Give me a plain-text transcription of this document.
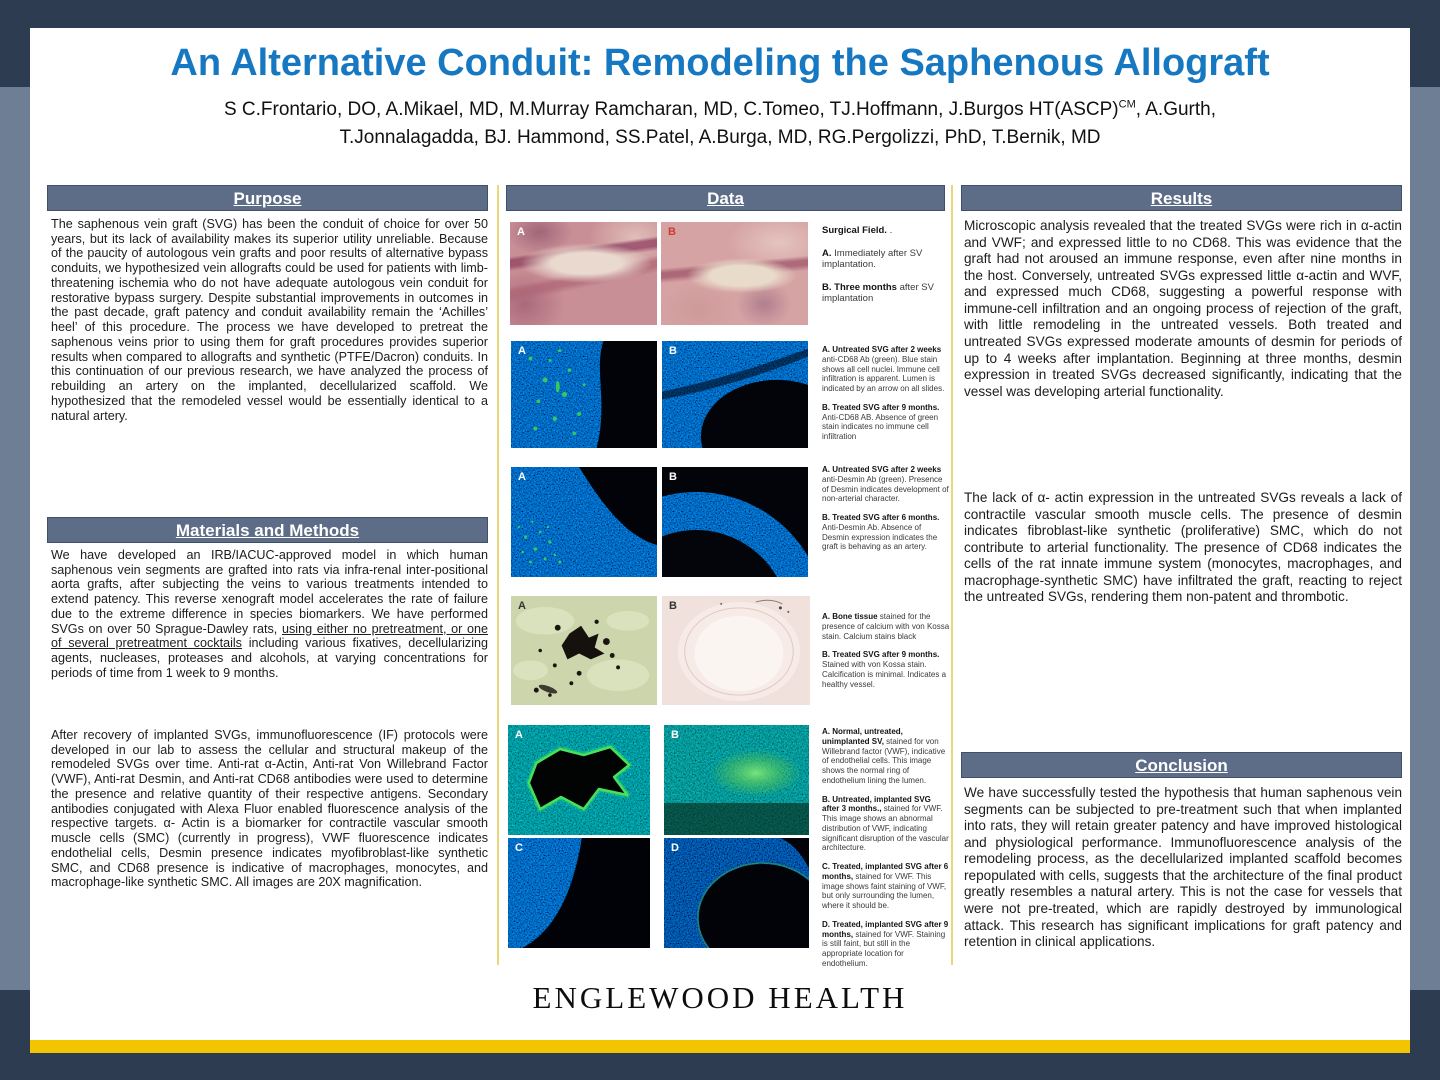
An Alternative Conduit: Remodeling the Saphenous Allograft

S C.Frontario, DO, A.Mikael, MD, M.Murray Ramcharan, MD, C.Tomeo, TJ.Hoffmann, J.Burgos HT(ASCP)$^{CM}$, A.Gurth,
T.Jonnalagadda, BJ. Hammond, SS.Patel, A.Burga, MD, RG.Pergolizzi, PhD, T.Bernik, MD

Purpose

The saphenous vein graft (SVG) has been the conduit of choice for over 50 years, but its lack of availability makes its superior utility unreliable. Because of the paucity of autologous vein grafts and poor results of alternative bypass conduits, we hypothesized vein allografts could be used for patients with limb-threatening ischemia who do not have adequate autologous vein conduit for restorative bypass surgery. Despite substantial improvements in outcomes in the past decade, graft patency and conduit availability remain the ‘Achilles’ heel’ of this procedure. The process we have developed to pretreat the saphenous veins prior to using them for graft procedures provides superior results when compared to allografts and synthetic (PTFE/Dacron) conduits. In this continuation of our previous research, we have analyzed the process of rebuilding an artery on the implanted, decellularized scaffold. We hypothesized that the remodeled vessel would be essentially identical to a natural artery.

Materials and Methods

We have developed an IRB/IACUC-approved model in which human saphenous vein segments are grafted into rats via infra-renal inter-positional aorta grafts, after subjecting the veins to various treatments intended to extend patency. This reverse xenograft model accelerates the rate of failure due to the extreme difference in species biomarkers. We have performed SVGs on over 50 Sprague-Dawley rats, using either no pretreatment, or one of several pretreatment cocktails including various fixatives, decellularizing agents, nucleases, proteases and alcohols, at varying concentrations for periods of time from 1 week to 9 months.

After recovery of implanted SVGs, immunofluorescence (IF) protocols were developed in our lab to assess the cellular and structural makeup of the remodeled SVGs over time. Anti-rat α-Actin, Anti-rat Von Willebrand Factor (VWF), Anti-rat Desmin, and Anti-rat CD68 antibodies were used to determine the presence and relative quantity of their respective antigens. Secondary antibodies conjugated with Alexa Fluor enabled fluorescence analysis of the respective targets. α- Actin is a biomarker for contractile vascular smooth muscle cells (SMC) (currently in progress), VWF fluorescence indicates endothelial cells, Desmin presence indicates myofibroblast-like synthetic SMC, and CD68 presence is indicative of macrophages, monocytes, and macrophage-like synthetic SMC. All images are 20X magnification.

Data
A	B	Surgical Field. .

A. Immediately after SV implantation.

B. Three months after SV implantation

A	B	A. Untreated SVG after 2 weeks anti-CD68 Ab (green). Blue stain shows all cell nuclei. Immune cell infiltration is apparent. Lumen is indicated by an arrow on all slides.

B. Treated SVG after 9 months. Anti-CD68 AB. Absence of green stain indicates no immune cell infiltration

A	B

A. Untreated SVG after 2 weeks anti-Desmin Ab (green). Presence of Desmin indicates development of non-arterial character.

B. Treated SVG after 6 months. Anti-Desmin Ab. Absence of Desmin expression indicates the graft is behaving as an artery.

A	B

A. Bone tissue stained for the presence of calcium with von Kossa stain. Calcium stains black

B. Treated SVG after 9 months. Stained with von Kossa stain. Calcification is minimal. Indicates a healthy vessel.

A	B
C	D

A. Normal, untreated, unimplanted SV, stained for von Willebrand factor (VWF), indicative of endothelial cells. This image shows the normal ring of endothelium lining the lumen.

B. Untreated, implanted SVG after 3 months., stained for VWF. This image shows an abnormal distribution of VWF, indicating significant disruption of the vascular architecture.

C. Treated, implanted SVG after 6 months, stained for VWF. This image shows faint staining of VWF, but only surrounding the lumen, where it should be.

D. Treated, implanted SVG after 9 months, stained for VWF. Staining is still faint, but still in the appropriate location for endothelium.

Results

Microscopic analysis revealed that the treated SVGs were rich in α-actin and VWF; and expressed little to no CD68. This was evidence that the graft had not aroused an immune response, even after nine months in the host. Conversely, untreated SVGs expressed little α-actin and WVF, and expressed much CD68, suggesting a powerful response with immune-cell infiltration and an ongoing process of rejection of the graft, with little remodeling in the untreated vessels. Both treated and untreated SVGs expressed moderate amounts of desmin for periods of up to 4 weeks after implantation. Beginning at three months, desmin expression in treated SVGs decreased significantly, indicating that the vessel was developing arterial functionality.

The lack of α- actin expression in the untreated SVGs reveals a lack of contractile vascular smooth muscle cells. The presence of desmin indicates fibroblast-like synthetic (proliferative) SMC, which do not contribute to arterial functionality. The presence of CD68 indicates the cells of the rat innate immune system (monocytes, macrophages, and macrophage-synthetic SMC) have infiltrated the graft, reacting to reject the untreated SVGs, rendering them non-patent and thrombotic.

Conclusion

We have successfully tested the hypothesis that human saphenous vein segments can be subjected to pre-treatment such that when implanted into rats, they will retain greater patency and have improved histological and physiological performance. Immunofluorescence analysis of the remodeling process, as the decellularized implanted scaffold becomes repopulated with cells, suggests that the architecture of the final product greatly resembles a natural artery. This is not the case for vessels that were not pre-treated, which are rapidly destroyed by immunological attack. This research has significant implications for graft patency and retention in clinical applications.

ENGLEWOOD HEALTH
